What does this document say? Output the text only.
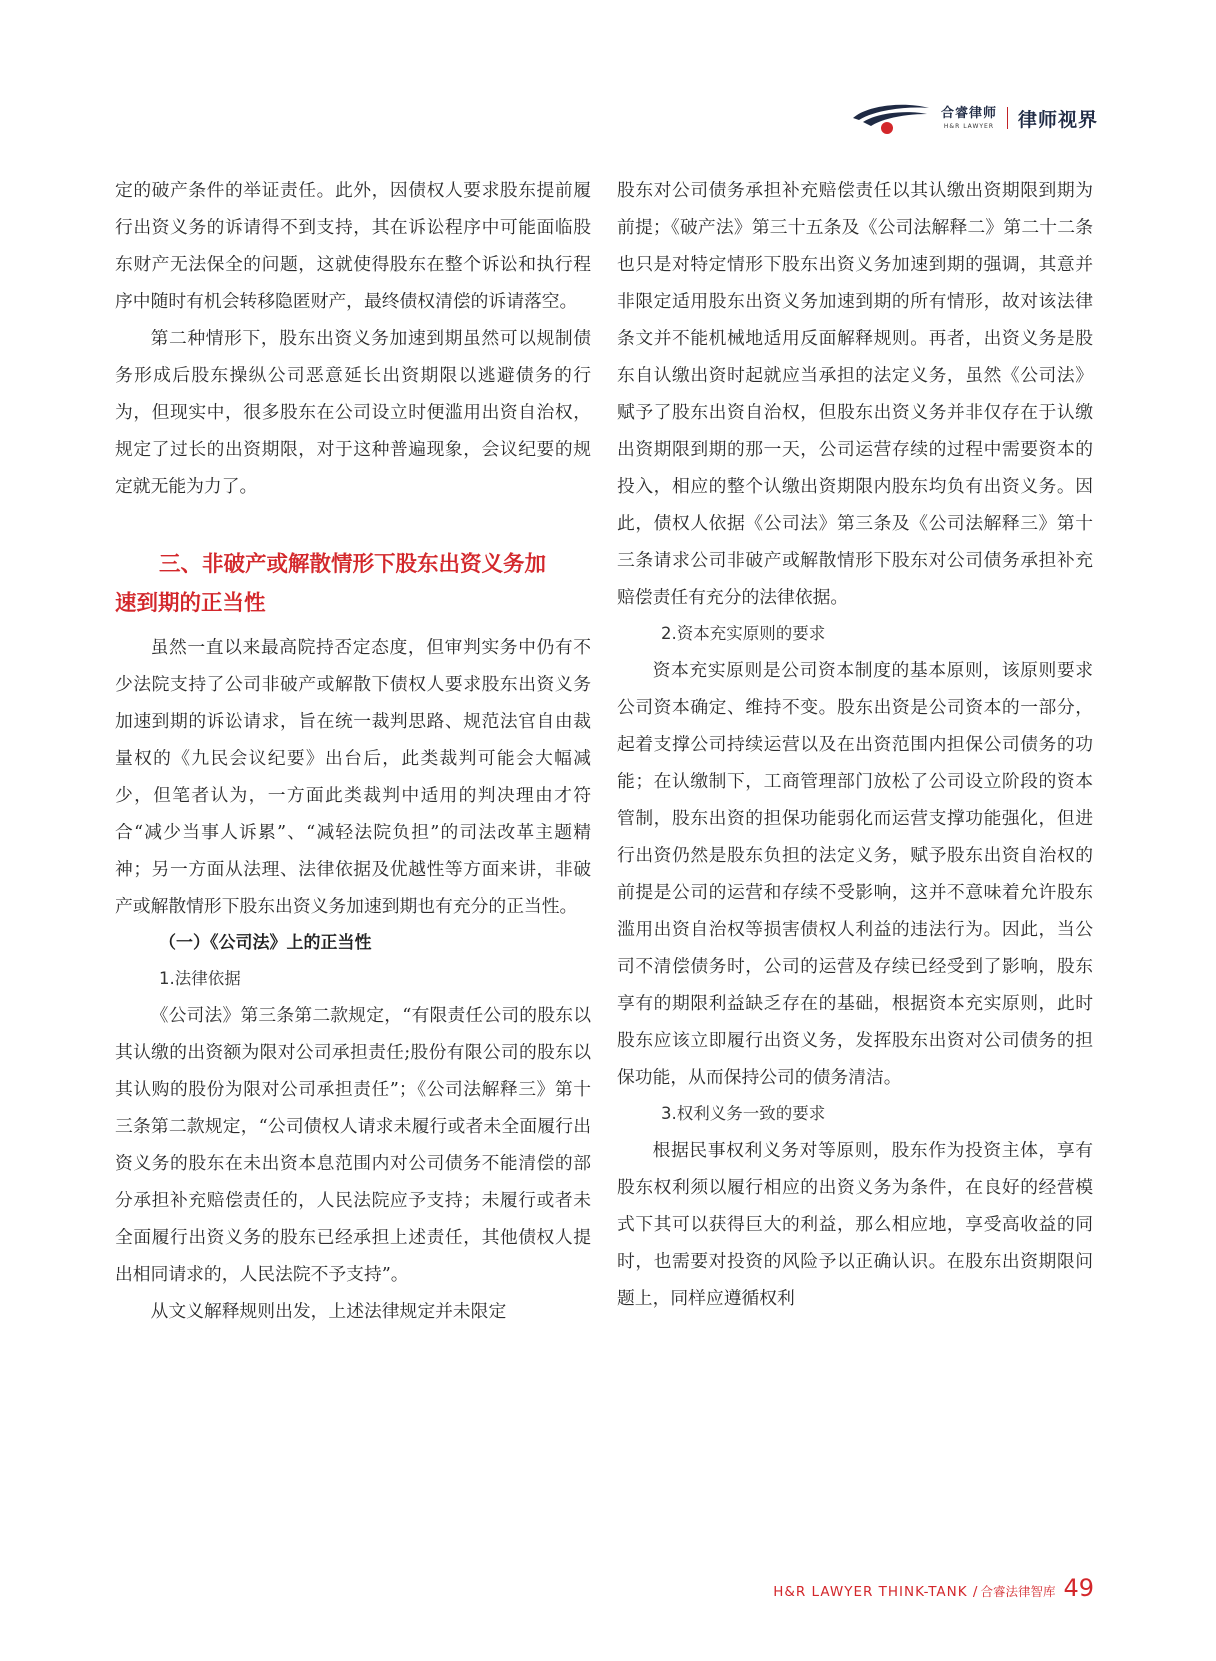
合睿律师
H&R LAWYER 律师视界

定的破产条件的举证责任。此外，因债权人要求股东提前履行出资义务的诉请得不到支持，其在诉讼程序中可能面临股东财产无法保全的问题，这就使得股东在整个诉讼和执行程序中随时有机会转移隐匿财产，最终债权清偿的诉请落空。

第二种情形下，股东出资义务加速到期虽然可以规制债务形成后股东操纵公司恶意延长出资期限以逃避债务的行为，但现实中，很多股东在公司设立时便滥用出资自治权，规定了过长的出资期限，对于这种普遍现象，会议纪要的规定就无能为力了。

三、非破产或解散情形下股东出资义务加

速到期的正当性

虽然一直以来最高院持否定态度，但审判实务中仍有不少法院支持了公司非破产或解散下债权人要求股东出资义务加速到期的诉讼请求，旨在统一裁判思路、规范法官自由裁量权的《九民会议纪要》出台后，此类裁判可能会大幅减少，但笔者认为，一方面此类裁判中适用的判决理由才符合“减少当事人诉累”、“减轻法院负担”的司法改革主题精神；另一方面从法理、法律依据及优越性等方面来讲，非破产或解散情形下股东出资义务加速到期也有充分的正当性。

（一）《公司法》上的正当性

1.法律依据

《公司法》第三条第二款规定，“有限责任公司的股东以其认缴的出资额为限对公司承担责任;股份有限公司的股东以其认购的股份为限对公司承担责任”；《公司法解释三》第十三条第二款规定，“公司债权人请求未履行或者未全面履行出资义务的股东在未出资本息范围内对公司债务不能清偿的部分承担补充赔偿责任的，人民法院应予支持；未履行或者未全面履行出资义务的股东已经承担上述责任，其他债权人提出相同请求的，人民法院不予支持”。

从文义解释规则出发，上述法律规定并未限定

股东对公司债务承担补充赔偿责任以其认缴出资期限到期为前提；《破产法》第三十五条及《公司法解释二》第二十二条也只是对特定情形下股东出资义务加速到期的强调，其意并非限定适用股东出资义务加速到期的所有情形，故对该法律条文并不能机械地适用反面解释规则。再者，出资义务是股东自认缴出资时起就应当承担的法定义务，虽然《公司法》赋予了股东出资自治权，但股东出资义务并非仅存在于认缴出资期限到期的那一天，公司运营存续的过程中需要资本的投入，相应的整个认缴出资期限内股东均负有出资义务。因此，债权人依据《公司法》第三条及《公司法解释三》第十三条请求公司非破产或解散情形下股东对公司债务承担补充赔偿责任有充分的法律依据。

2.资本充实原则的要求

资本充实原则是公司资本制度的基本原则，该原则要求公司资本确定、维持不变。股东出资是公司资本的一部分，起着支撑公司持续运营以及在出资范围内担保公司债务的功能；在认缴制下，工商管理部门放松了公司设立阶段的资本管制，股东出资的担保功能弱化而运营支撑功能强化，但进行出资仍然是股东负担的法定义务，赋予股东出资自治权的前提是公司的运营和存续不受影响，这并不意味着允许股东滥用出资自治权等损害债权人利益的违法行为。因此，当公司不清偿债务时，公司的运营及存续已经受到了影响，股东享有的期限利益缺乏存在的基础，根据资本充实原则，此时股东应该立即履行出资义务，发挥股东出资对公司债务的担保功能，从而保持公司的债务清洁。

3.权利义务一致的要求

根据民事权利义务对等原则，股东作为投资主体，享有股东权利须以履行相应的出资义务为条件，在良好的经营模式下其可以获得巨大的利益，那么相应地，享受高收益的同时，也需要对投资的风险予以正确认识。在股东出资期限问题上，同样应遵循权利

H&R LAWYER THINK-TANK / 合睿法律智库 49
